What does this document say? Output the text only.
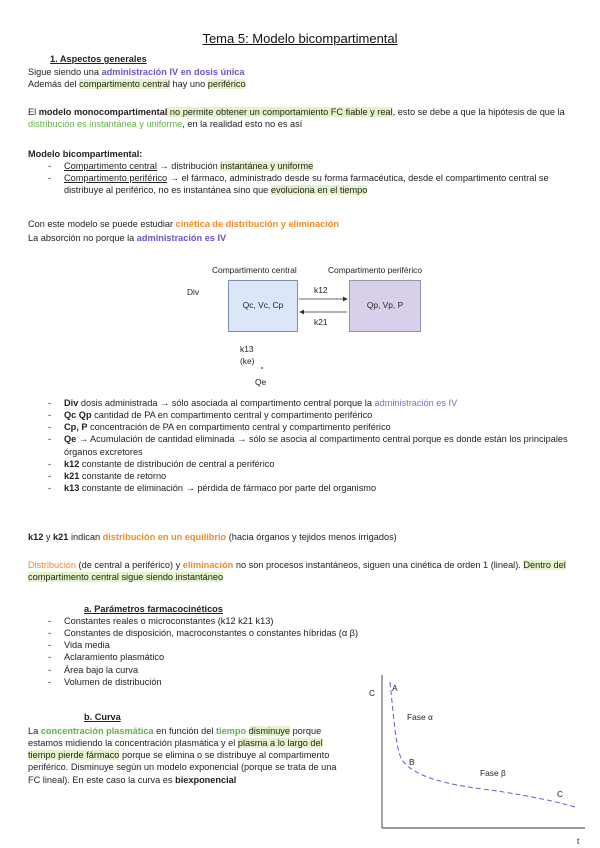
Tema 5: Modelo bicompartimental
1. Aspectos generales
Sigue siendo una administración IV en dosis única
Además del compartimento central hay uno periférico
El modelo monocompartimental no permite obtener un comportamiento FC fiable y real, esto se debe a que la hipótesis de que la distribución es instantánea y uniforme, en la realidad esto no es así
Modelo bicompartimental:
- Compartimento central → distribución instantánea y uniforme
- Compartimento periférico → el fármaco, administrado desde su forma farmacéutica, desde el compartimento central se distribuye al periférico, no es instantánea sino que evoluciona en el tiempo
Con este modelo se puede estudiar cinética de distribución y eliminación
La absorción no porque la administración es IV
Compartimento central	Compartimento periférico
Div
Qc, Vc, Cp	Qp, Vp, P
k12
k21
k13
(ke)
Qe
- Div dosis administrada → sólo asociada al compartimento central porque la administración es IV
- Qc Qp cantidad de PA en compartimento central y compartimento periférico
- Cp, P concentración de PA en compartimento central y compartimento periférico
- Qe → Acumulación de cantidad eliminada → sólo se asocia al compartimento central porque es donde están los principales órganos excretores
- k12 constante de distribución de central a periférico
- k21 constante de retorno
- k13 constante de eliminación → pérdida de fármaco por parte del organismo
k12 y k21 indican distribución en un equilibrio (hacia órganos y tejidos menos irrigados)
Distribución (de central a periférico) y eliminación no son procesos instantáneos, siguen una cinética de orden 1 (lineal). Dentro del compartimento central sigue siendo instantáneo
a. Parámetros farmacocinéticos
- Constantes reales o microconstantes (k12 k21 k13)
- Constantes de disposición, macroconstantes o constantes híbridas (α β)
- Vida media
- Aclaramiento plasmático
- Área bajo la curva
- Volumen de distribución
b. Curva
La concentración plasmática en función del tiempo disminuye porque estamos midiendo la concentración plasmática y el plasma a lo largo del tiempo pierde fármaco porque se elimina o se distribuye al compartimento periférico. Disminuye según un modelo exponencial (porque se trata de una FC lineal). En este caso la curva es biexponencial
C A
Fase α
B
Fase β
C
t
